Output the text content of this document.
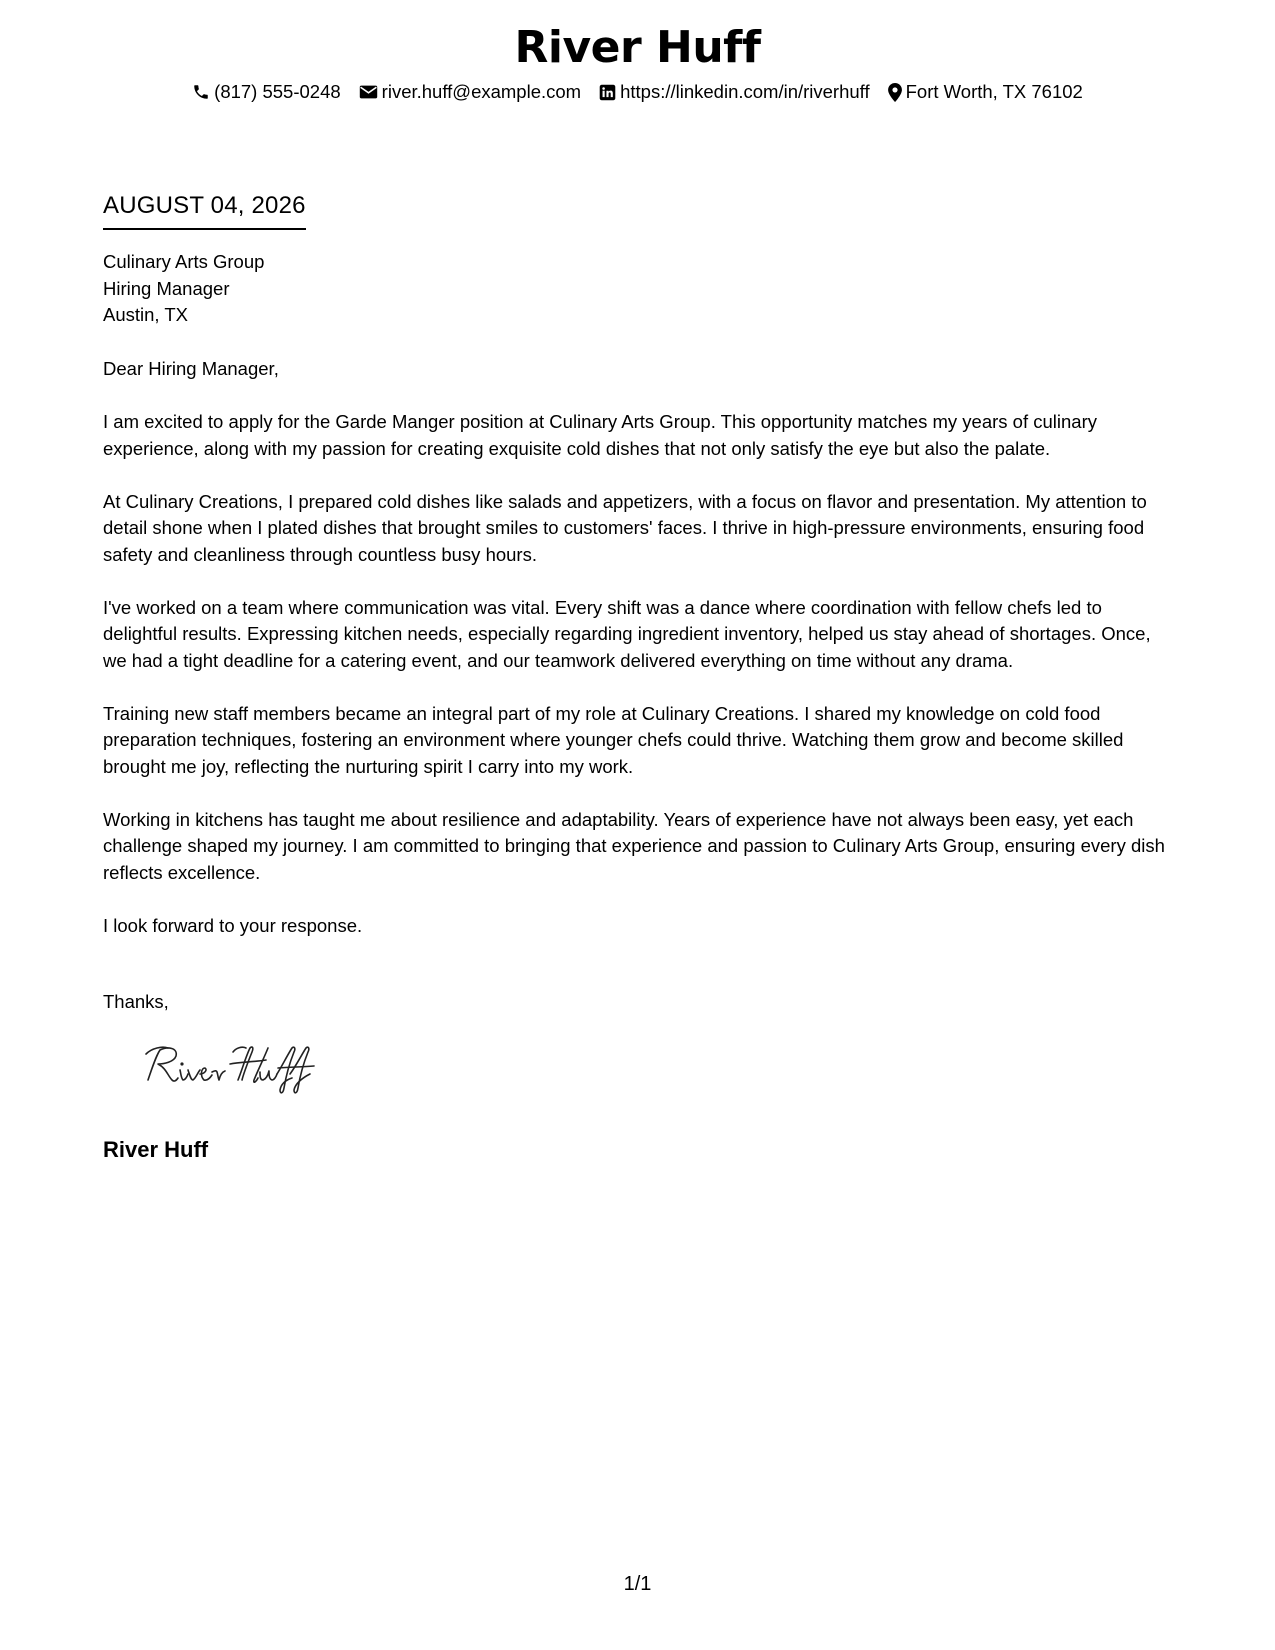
River Huff
(817) 555-0248 river.huff@example.com https://linkedin.com/in/riverhuff Fort Worth, TX 76102
AUGUST 04, 2026
Culinary Arts Group
Hiring Manager
Austin, TX

Dear Hiring Manager,

I am excited to apply for the Garde Manger position at Culinary Arts Group. This opportunity matches my years of culinary experience, along with my passion for creating exquisite cold dishes that not only satisfy the eye but also the palate.

At Culinary Creations, I prepared cold dishes like salads and appetizers, with a focus on flavor and presentation. My attention to detail shone when I plated dishes that brought smiles to customers' faces. I thrive in high-pressure environments, ensuring food safety and cleanliness through countless busy hours.

I've worked on a team where communication was vital. Every shift was a dance where coordination with fellow chefs led to delightful results. Expressing kitchen needs, especially regarding ingredient inventory, helped us stay ahead of shortages. Once, we had a tight deadline for a catering event, and our teamwork delivered everything on time without any drama.

Training new staff members became an integral part of my role at Culinary Creations. I shared my knowledge on cold food preparation techniques, fostering an environment where younger chefs could thrive. Watching them grow and become skilled brought me joy, reflecting the nurturing spirit I carry into my work.

Working in kitchens has taught me about resilience and adaptability. Years of experience have not always been easy, yet each challenge shaped my journey. I am committed to bringing that experience and passion to Culinary Arts Group, ensuring every dish reflects excellence.

I look forward to your response.

Thanks,
River Huff
1/1
